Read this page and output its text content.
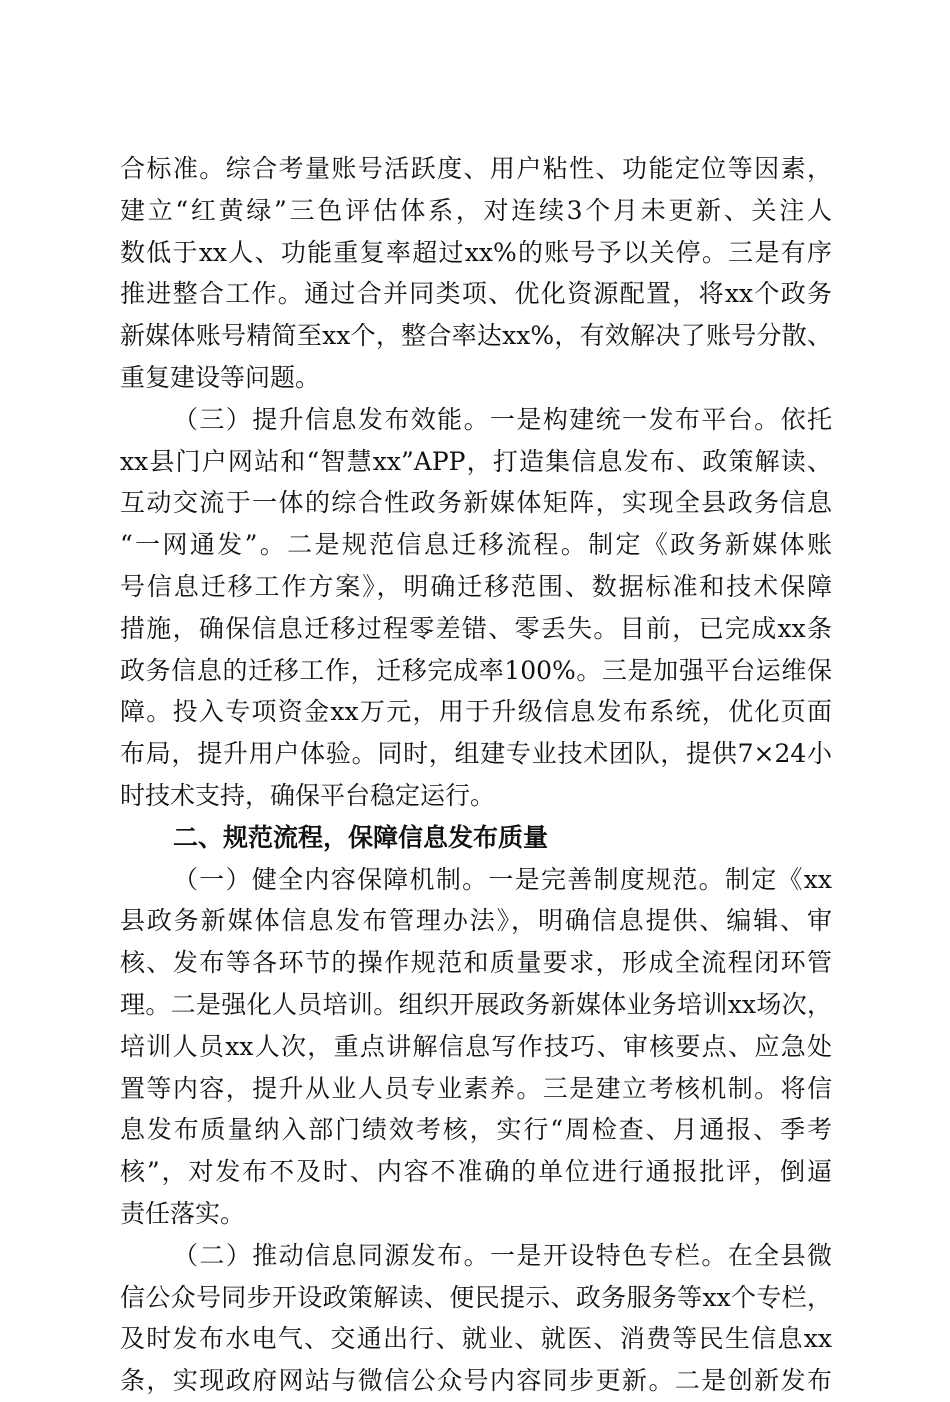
合标准。综合考量账号活跃度、用户粘性、功能定位等因素，
建立“红黄绿”三色评估体系，对连续3个月未更新、关注人
数低于xx人、功能重复率超过xx%的账号予以关停。三是有序
推进整合工作。通过合并同类项、优化资源配置，将xx个政务
新媒体账号精简至xx个，整合率达xx%，有效解决了账号分散、
重复建设等问题。
（三）提升信息发布效能。一是构建统一发布平台。依托
xx县门户网站和“智慧xx”APP，打造集信息发布、政策解读、
互动交流于一体的综合性政务新媒体矩阵，实现全县政务信息
“一网通发”。二是规范信息迁移流程。制定《政务新媒体账
号信息迁移工作方案》，明确迁移范围、数据标准和技术保障
措施，确保信息迁移过程零差错、零丢失。目前，已完成xx条
政务信息的迁移工作，迁移完成率100%。三是加强平台运维保
障。投入专项资金xx万元，用于升级信息发布系统，优化页面
布局，提升用户体验。同时，组建专业技术团队，提供7×24小
时技术支持，确保平台稳定运行。
二、规范流程，保障信息发布质量
（一）健全内容保障机制。一是完善制度规范。制定《xx
县政务新媒体信息发布管理办法》，明确信息提供、编辑、审
核、发布等各环节的操作规范和质量要求，形成全流程闭环管
理。二是强化人员培训。组织开展政务新媒体业务培训xx场次，
培训人员xx人次，重点讲解信息写作技巧、审核要点、应急处
置等内容，提升从业人员专业素养。三是建立考核机制。将信
息发布质量纳入部门绩效考核，实行“周检查、月通报、季考
核”，对发布不及时、内容不准确的单位进行通报批评，倒逼
责任落实。
（二）推动信息同源发布。一是开设特色专栏。在全县微
信公众号同步开设政策解读、便民提示、政务服务等xx个专栏，
及时发布水电气、交通出行、就业、就医、消费等民生信息xx
条，实现政府网站与微信公众号内容同步更新。二是创新发布
